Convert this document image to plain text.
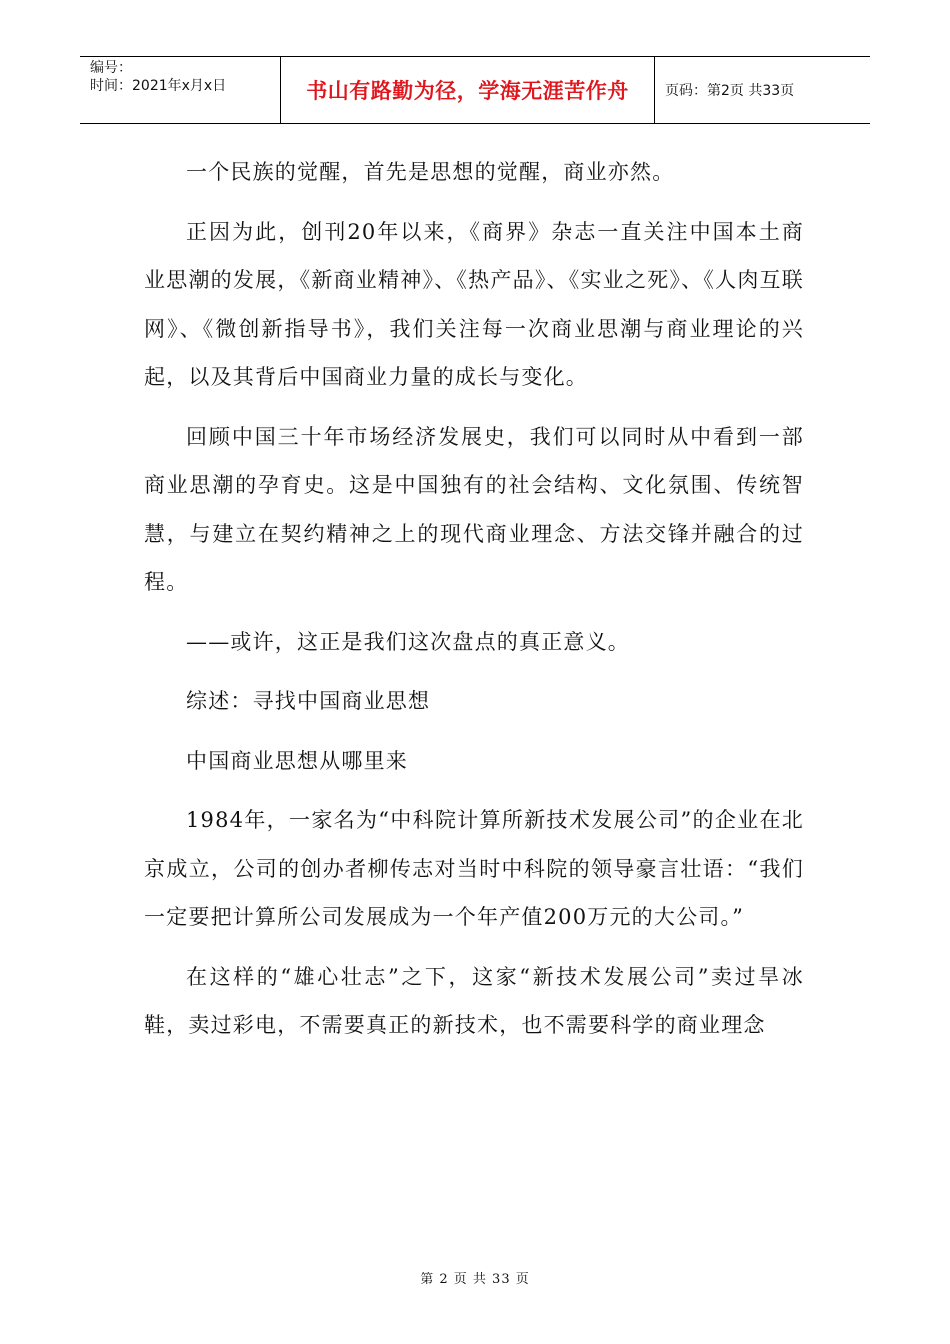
编号：
时间：2021年x月x日	书山有路勤为径，学海无涯苦作舟	页码：第2页 共33页

一个民族的觉醒，首先是思想的觉醒，商业亦然。

正因为此，创刊20年以来，《商界》杂志一直关注中国本土商业思潮的发展，《新商业精神》、《热产品》、《实业之死》、《人肉互联网》、《微创新指导书》，我们关注每一次商业思潮与商业理论的兴起，以及其背后中国商业力量的成长与变化。

回顾中国三十年市场经济发展史，我们可以同时从中看到一部商业思潮的孕育史。这是中国独有的社会结构、文化氛围、传统智慧，与建立在契约精神之上的现代商业理念、方法交锋并融合的过程。

——或许，这正是我们这次盘点的真正意义。

综述：寻找中国商业思想

中国商业思想从哪里来

1984年，一家名为“中科院计算所新技术发展公司”的企业在北京成立，公司的创办者柳传志对当时中科院的领导豪言壮语：“我们一定要把计算所公司发展成为一个年产值200万元的大公司。”

在这样的“雄心壮志”之下，这家“新技术发展公司”卖过旱冰鞋，卖过彩电，不需要真正的新技术，也不需要科学的商业理念

第 2 页 共 33 页
